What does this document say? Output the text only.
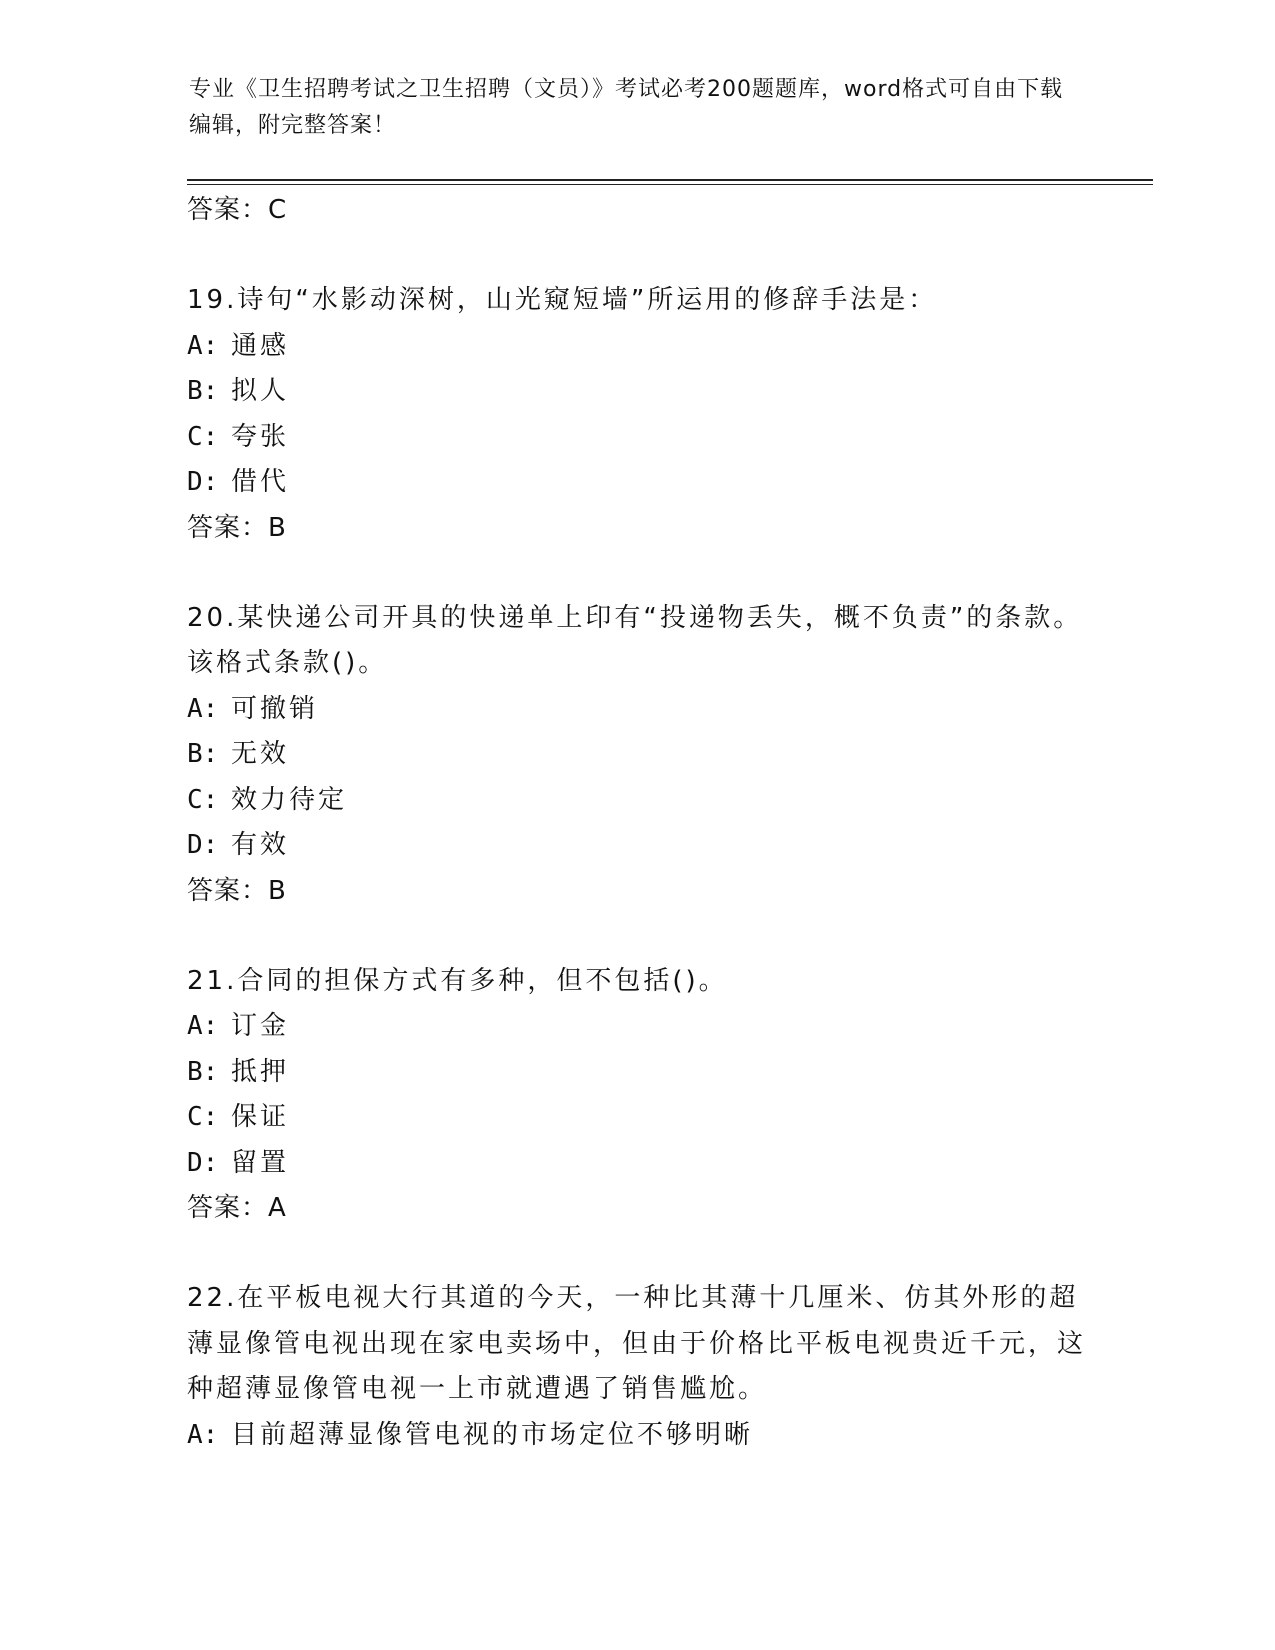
专业《卫生招聘考试之卫生招聘（文员）》考试必考200题题库，word格式可自由下载编辑，附完整答案！
答案：C
19.诗句“水影动深树，山光窥短墙”所运用的修辞手法是：
A: 通感
B: 拟人
C: 夸张
D: 借代
答案：B
20.某快递公司开具的快递单上印有“投递物丢失，概不负责”的条款。该格式条款()。
A: 可撤销
B: 无效
C: 效力待定
D: 有效
答案：B
21.合同的担保方式有多种，但不包括()。
A: 订金
B: 抵押
C: 保证
D: 留置
答案：A
22.在平板电视大行其道的今天，一种比其薄十几厘米、仿其外形的超薄显像管电视出现在家电卖场中，但由于价格比平板电视贵近千元，这种超薄显像管电视一上市就遭遇了销售尴尬。
A: 目前超薄显像管电视的市场定位不够明晰
